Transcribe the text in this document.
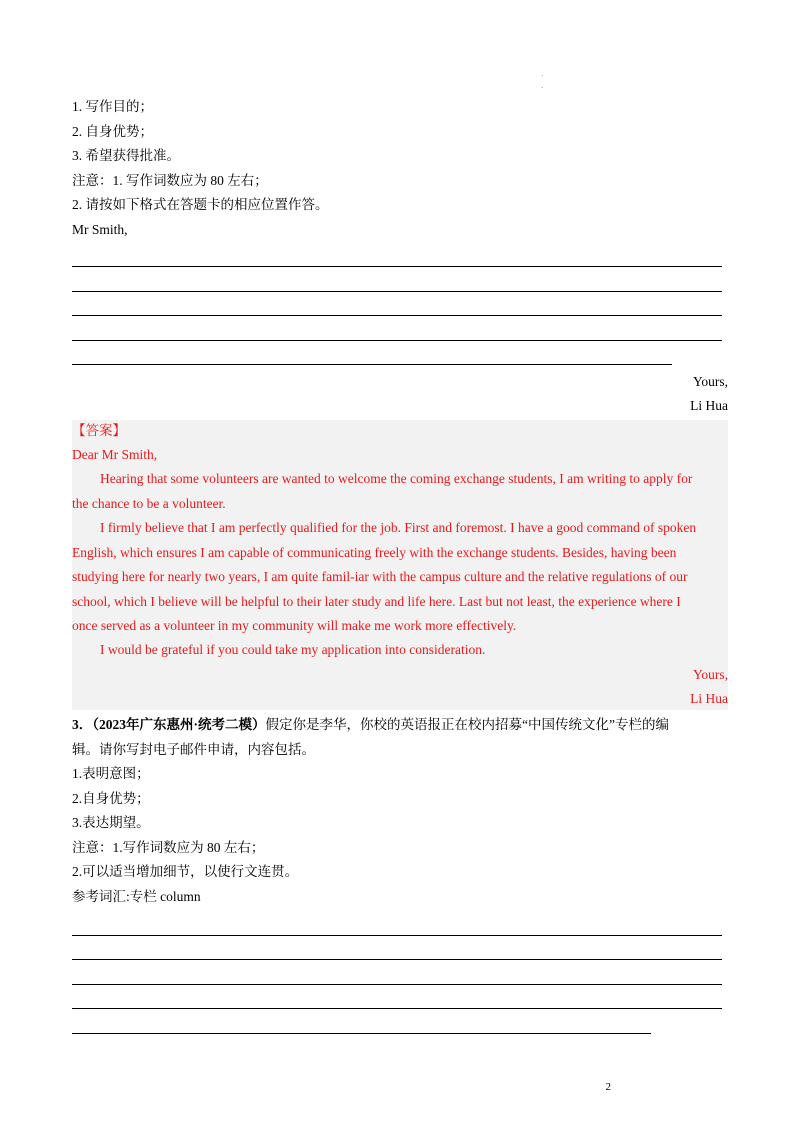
·
·
1. 写作目的；
2. 自身优势；
3. 希望获得批准。
注意：1. 写作词数应为 80 左右；
2. 请按如下格式在答题卡的相应位置作答。
Mr Smith,
Yours,
Li Hua
【答案】
Dear Mr Smith,
Hearing that some volunteers are wanted to welcome the coming exchange students, I am writing to apply for
the chance to be a volunteer.
I firmly believe that I am perfectly qualified for the job. First and foremost. I have a good command of spoken
English, which ensures I am capable of communicating freely with the exchange students. Besides, having been
studying here for nearly two years, I am quite famil-iar with the campus culture and the relative regulations of our
school, which I believe will be helpful to their later study and life here. Last but not least, the experience where I
once served as a volunteer in my community will make me work more effectively.
I would be grateful if you could take my application into consideration.
Yours,
Li Hua
3．（2023年广东惠州·统考二模）假定你是李华，你校的英语报正在校内招募“中国传统文化”专栏的编
辑。请你写封电子邮件申请，内容包括。
1.表明意图；
2.自身优势；
3.表达期望。
注意：1.写作词数应为 80 左右；
2.可以适当增加细节，以使行文连贯。
参考词汇:专栏 column
2
